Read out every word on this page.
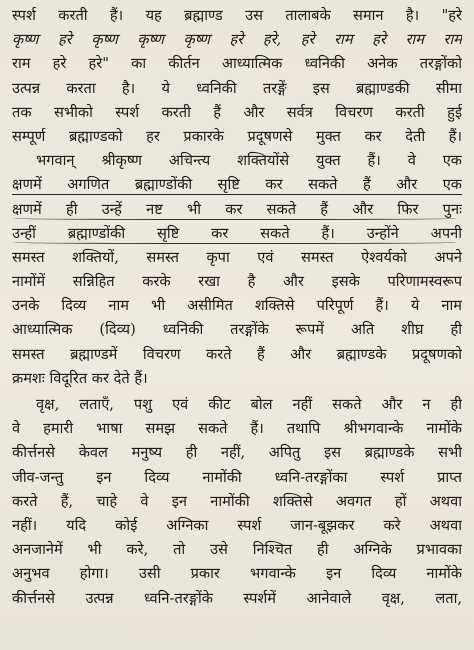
स्पर्श करती हैं। यह ब्रह्माण्ड उस तालाबके समान है। "हरे
कृष्ण हरे कृष्ण कृष्ण कृष्ण हरे हरे, हरे राम हरे राम राम
राम हरे हरे" का कीर्तन आध्यात्मिक ध्वनिकी अनेक तरङ्गोंको
उत्पन्न करता है। ये ध्वनिकी तरङ्गें इस ब्रह्माण्डकी सीमा
तक सभीको स्पर्श करती हैं और सर्वत्र विचरण करती हुई
सम्पूर्ण ब्रह्माण्डको हर प्रकारके प्रदूषणसे मुक्त कर देती हैं।
भगवान् श्रीकृष्ण अचिन्त्य शक्तियोंसे युक्त हैं। वे एक
क्षणमें अगणित ब्रह्माण्डोंकी सृष्टि कर सकते हैं और एक
क्षणमें ही उन्हें नष्ट भी कर सकते हैं और फिर पुनः
उन्हीं ब्रह्माण्डोंकी सृष्टि कर सकते हैं। उन्होंने अपनी
समस्त शक्तियों, समस्त कृपा एवं समस्त ऐश्वर्यको अपने
नामोंमें सन्निहित करके रखा है और इसके परिणामस्वरूप
उनके दिव्य नाम भी असीमित शक्तिसे परिपूर्ण हैं। ये नाम
आध्यात्मिक (दिव्य) ध्वनिकी तरङ्गोंके रूपमें अति शीघ्र ही
समस्त ब्रह्माण्डमें विचरण करते हैं और ब्रह्माण्डके प्रदूषणको
क्रमशः विदूरित कर देते हैं।
वृक्ष, लताएँ, पशु एवं कीट बोल नहीं सकते और न ही
वे हमारी भाषा समझ सकते हैं। तथापि श्रीभगवान्के नामोंके
कीर्त्तनसे केवल मनुष्य ही नहीं, अपितु इस ब्रह्माण्डके सभी
जीव-जन्तु इन दिव्य नामोंकी ध्वनि-तरङ्गोंका स्पर्श प्राप्त
करते हैं, चाहे वे इन नामोंकी शक्तिसे अवगत हों अथवा
नहीं। यदि कोई अग्निका स्पर्श जान-बूझकर करे अथवा
अनजानेमें भी करे, तो उसे निश्चित ही अग्निके प्रभावका
अनुभव होगा। उसी प्रकार भगवान्के इन दिव्य नामोंके
कीर्त्तनसे उत्पन्न ध्वनि-तरङ्गोंके स्पर्शमें आनेवाले वृक्ष, लता,
